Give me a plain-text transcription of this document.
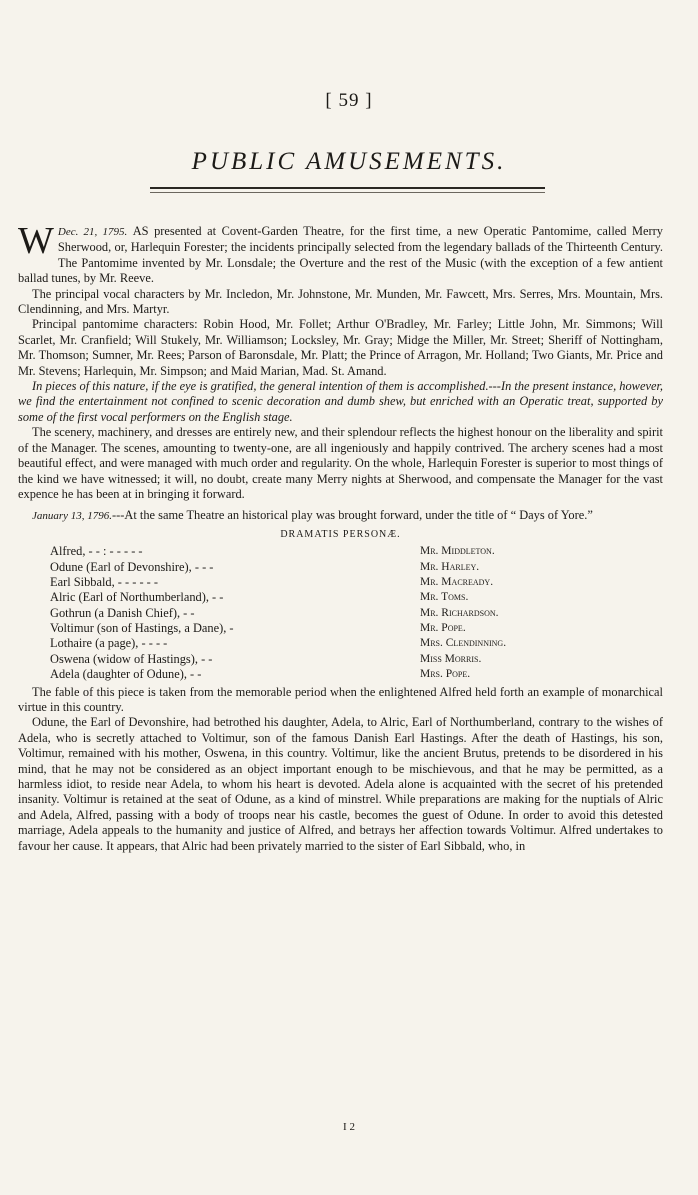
[ 59 ]
PUBLIC AMUSEMENTS.

Dec. 21, 1795.
W	AS presented at Covent-Garden Theatre, for the first time, a new Operatic Pantomime, called Merry Sherwood, or, Harlequin Forester; the incidents principally selected from the legendary ballads of the Thirteenth Century. The Pantomime invented by Mr. Lonsdale; the Overture and the rest of the Music (with the exception of a few antient ballad tunes, by Mr. Reeve.

The principal vocal characters by Mr. Incledon, Mr. Johnstone, Mr. Munden, Mr. Fawcett, Mrs. Serres, Mrs. Mountain, Mrs. Clendinning, and Mrs. Martyr.

Principal pantomime characters: Robin Hood, Mr. Follet; Arthur O'Bradley, Mr. Farley; Little John, Mr. Simmons; Will Scarlet, Mr. Cranfield; Will Stukely, Mr. Williamson; Locksley, Mr. Gray; Midge the Miller, Mr. Street; Sheriff of Nottingham, Mr. Thomson; Sumner, Mr. Rees; Parson of Baronsdale, Mr. Platt; the Prince of Arragon, Mr. Holland; Two Giants, Mr. Price and Mr. Stevens; Harlequin, Mr. Simpson; and Maid Marian, Mad. St. Amand.

In pieces of this nature, if the eye is gratified, the general intention of them is accomplished.---In the present instance, however, we find the entertainment not confined to scenic decoration and dumb shew, but enriched with an Operatic treat, supported by some of the first vocal performers on the English stage.

The scenery, machinery, and dresses are entirely new, and their splendour reflects the highest honour on the liberality and spirit of the Manager. The scenes, amounting to twenty-one, are all ingeniously and happily contrived. The archery scenes had a most beautiful effect, and were managed with much order and regularity. On the whole, Harlequin Forester is superior to most things of the kind we have witnessed; it will, no doubt, create many Merry nights at Sherwood, and compensate the Manager for the vast expence he has been at in bringing it forward.

January 13, 1796.---At the same Theatre an historical play was brought forward, under the title of “ Days of Yore.”

DRAMATIS PERSONÆ.
Alfred, - - : - - - - -	Mr. Middleton.
Odune (Earl of Devonshire), - - -	Mr. Harley.
Earl Sibbald, - - - - - -	Mr. Macready.
Alric (Earl of Northumberland), - -	Mr. Toms.
Gothrun (a Danish Chief), - -	Mr. Richardson.
Voltimur (son of Hastings, a Dane), -	Mr. Pope.
Lothaire (a page), - - - -	Mrs. Clendinning.
Oswena (widow of Hastings), - -	Miss Morris.
Adela (daughter of Odune), - -	Mrs. Pope.

The fable of this piece is taken from the memorable period when the enlightened Alfred held forth an example of monarchical virtue in this country.

Odune, the Earl of Devonshire, had betrothed his daughter, Adela, to Alric, Earl of Northumberland, contrary to the wishes of Adela, who is secretly attached to Voltimur, son of the famous Danish Earl Hastings. After the death of Hastings, his son, Voltimur, remained with his mother, Oswena, in this country. Voltimur, like the ancient Brutus, pretends to be disordered in his mind, that he may not be considered as an object important enough to be mischievous, and that he may be permitted, as a harmless idiot, to reside near Adela, to whom his heart is devoted. Adela alone is acquainted with the secret of his pretended insanity. Voltimur is retained at the seat of Odune, as a kind of minstrel. While preparations are making for the nuptials of Alric and Adela, Alfred, passing with a body of troops near his castle, becomes the guest of Odune. In order to avoid this detested marriage, Adela appeals to the humanity and justice of Alfred, and betrays her affection towards Voltimur. Alfred undertakes to favour her cause. It appears, that Alric had been privately married to the sister of Earl Sibbald, who, in

I 2
